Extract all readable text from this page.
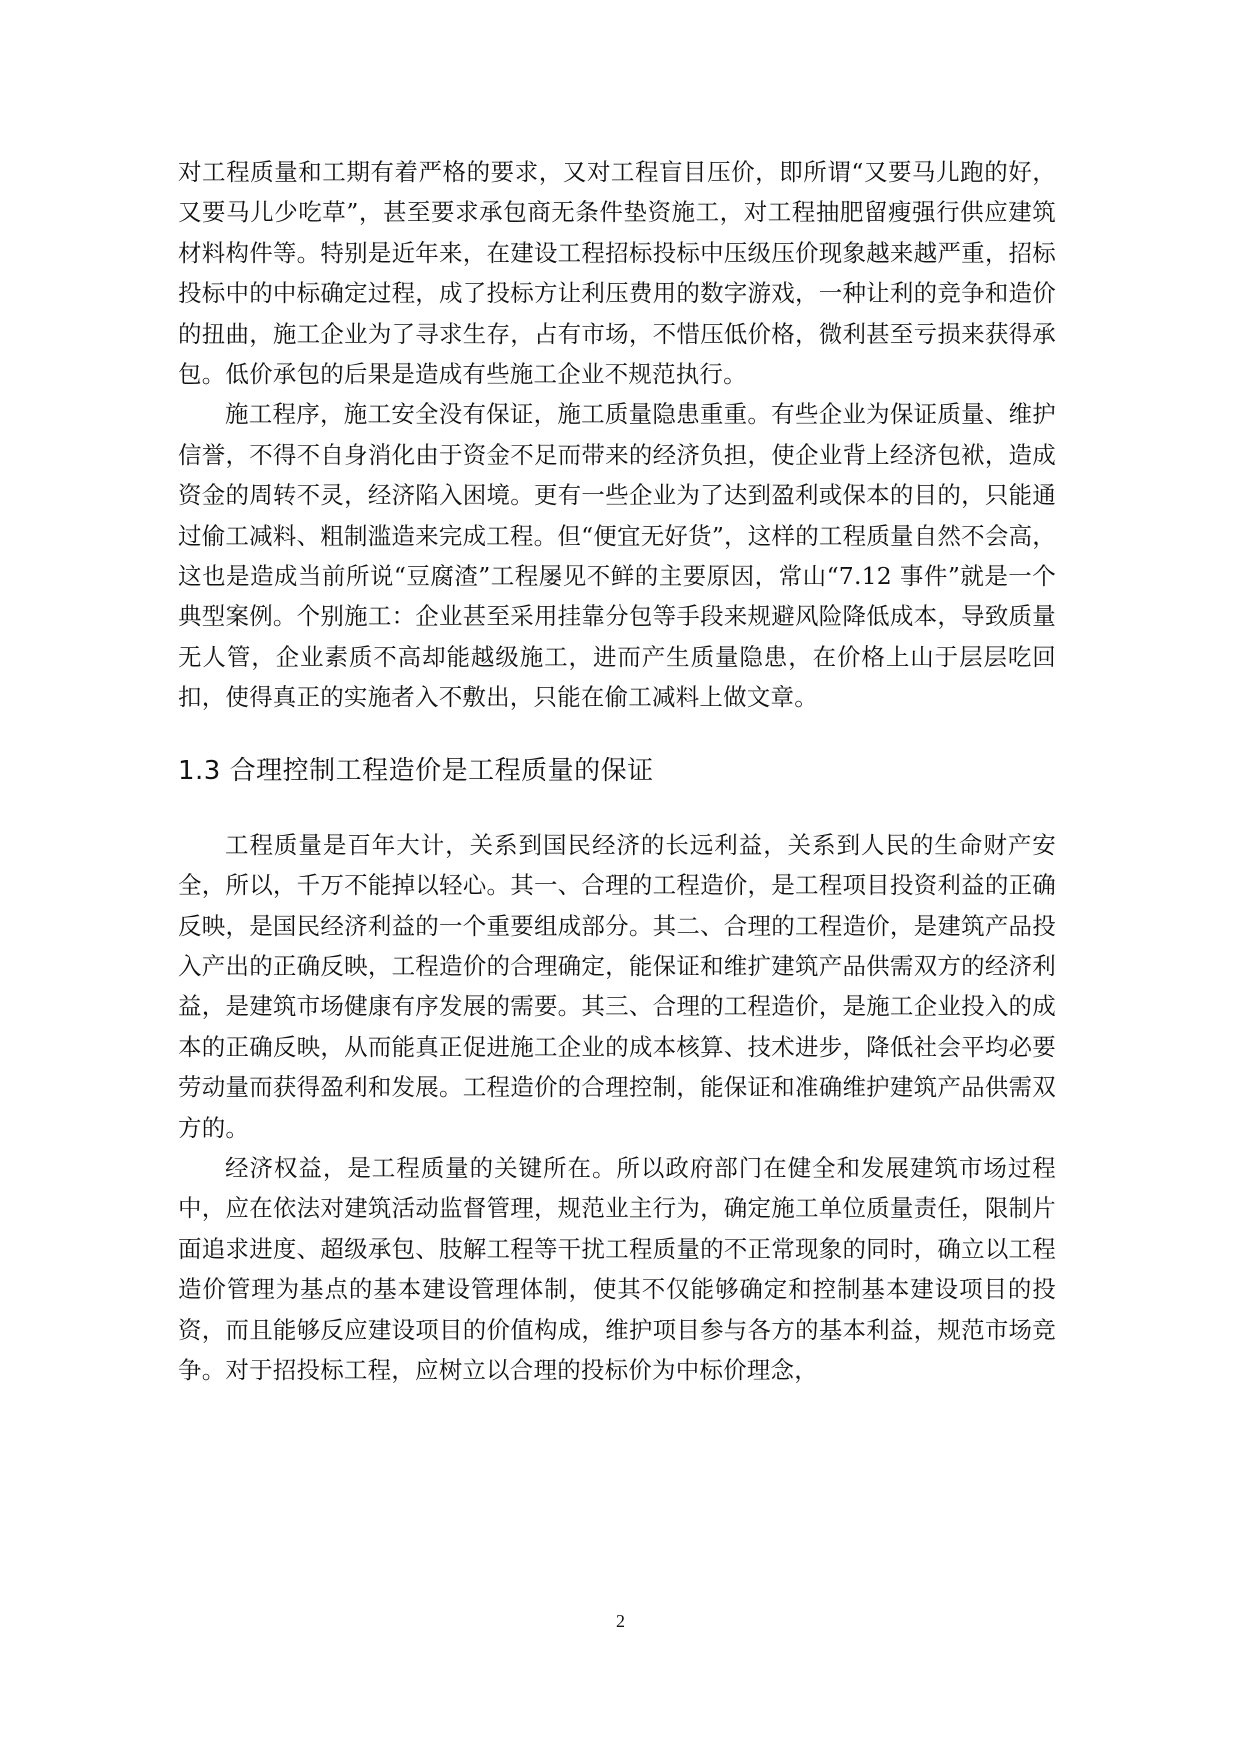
对工程质量和工期有着严格的要求，又对工程盲目压价，即所谓“又要马儿跑的好，又要马儿少吃草”，甚至要求承包商无条件垫资施工，对工程抽肥留瘦强行供应建筑材料构件等。特别是近年来，在建设工程招标投标中压级压价现象越来越严重，招标投标中的中标确定过程，成了投标方让利压费用的数字游戏，一种让利的竞争和造价的扭曲，施工企业为了寻求生存，占有市场，不惜压低价格，微利甚至亏损来获得承包。低价承包的后果是造成有些施工企业不规范执行。

施工程序，施工安全没有保证，施工质量隐患重重。有些企业为保证质量、维护信誉，不得不自身消化由于资金不足而带来的经济负担，使企业背上经济包袱，造成资金的周转不灵，经济陷入困境。更有一些企业为了达到盈利或保本的目的，只能通过偷工减料、粗制滥造来完成工程。但“便宜无好货”，这样的工程质量自然不会高，这也是造成当前所说“豆腐渣”工程屡见不鲜的主要原因，常山“7.12 事件”就是一个典型案例。个别施工：企业甚至采用挂靠分包等手段来规避风险降低成本，导致质量无人管，企业素质不高却能越级施工，进而产生质量隐患，在价格上山于层层吃回扣，使得真正的实施者入不敷出，只能在偷工减料上做文章。

1.3 合理控制工程造价是工程质量的保证

工程质量是百年大计，关系到国民经济的长远利益，关系到人民的生命财产安全，所以，千万不能掉以轻心。其一、合理的工程造价，是工程项目投资利益的正确反映，是国民经济利益的一个重要组成部分。其二、合理的工程造价，是建筑产品投入产出的正确反映，工程造价的合理确定，能保证和维扩建筑产品供需双方的经济利益，是建筑市场健康有序发展的需要。其三、合理的工程造价，是施工企业投入的成本的正确反映，从而能真正促进施工企业的成本核算、技术进步，降低社会平均必要劳动量而获得盈利和发展。工程造价的合理控制，能保证和准确维护建筑产品供需双方的。

经济权益，是工程质量的关键所在。所以政府部门在健全和发展建筑市场过程中，应在依法对建筑活动监督管理，规范业主行为，确定施工单位质量责任，限制片面追求进度、超级承包、肢解工程等干扰工程质量的不正常现象的同时，确立以工程造价管理为基点的基本建设管理体制，使其不仅能够确定和控制基本建设项目的投资，而且能够反应建设项目的价值构成，维护项目参与各方的基本利益，规范市场竞争。对于招投标工程，应树立以合理的投标价为中标价理念，

2
